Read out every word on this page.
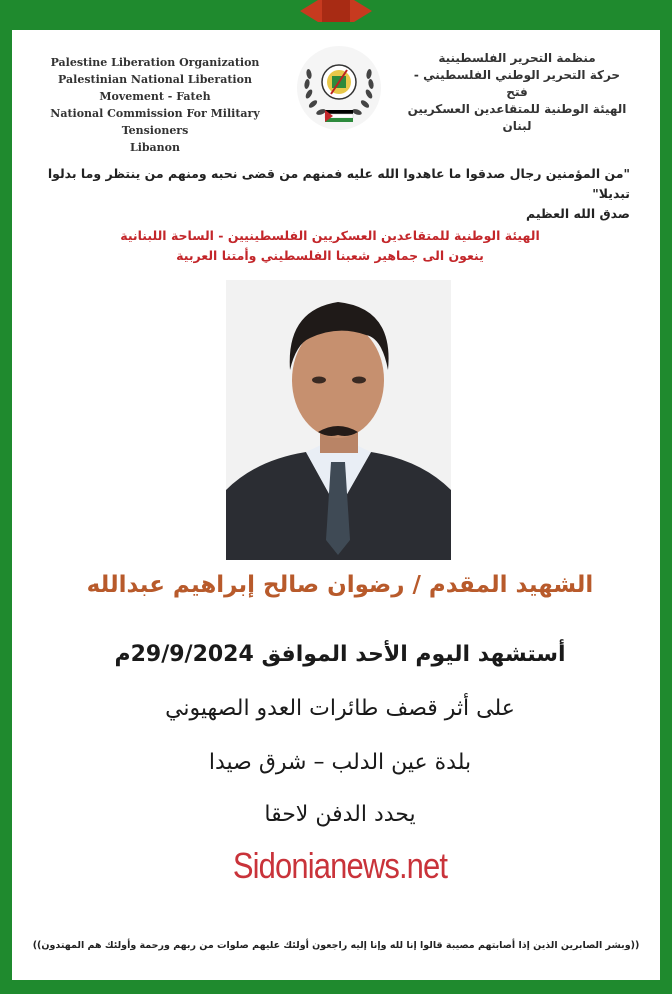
Palestine Liberation Organization
Palestinian National Liberation Movement - Fateh
National Commission For Military Tensioners
Libanon
منظمة التحرير الفلسطينية
حركة التحرير الوطني الفلسطيني - فتح
الهيئة الوطنية للمتقاعدين العسكريين
لبنان
"من المؤمنين رجال صدقوا ما عاهدوا الله عليه فمنهم من قضى نحبه ومنهم من ينتظر وما بدلوا تبديلا"
صدق الله العظيم
الهيئة الوطنية للمتقاعدين العسكريين الفلسطينيين - الساحة اللبنانية
ينعون الى جماهير شعبنا الفلسطيني وأمتنا العربية
الشهيد المقدم / رضوان صالح إبراهيم عبدالله
أستشهد اليوم الأحد الموافق 29/9/2024م
على أثر قصف طائرات العدو الصهيوني
بلدة عين الدلب – شرق صيدا
يحدد الدفن لاحقا
Sidonianews.net
((وبشر الصابرين الذين إذا أصابتهم مصيبة قالوا إنا لله وإنا إليه راجعون أولئك عليهم صلوات من ربهم ورحمة وأولئك هم المهتدون))
